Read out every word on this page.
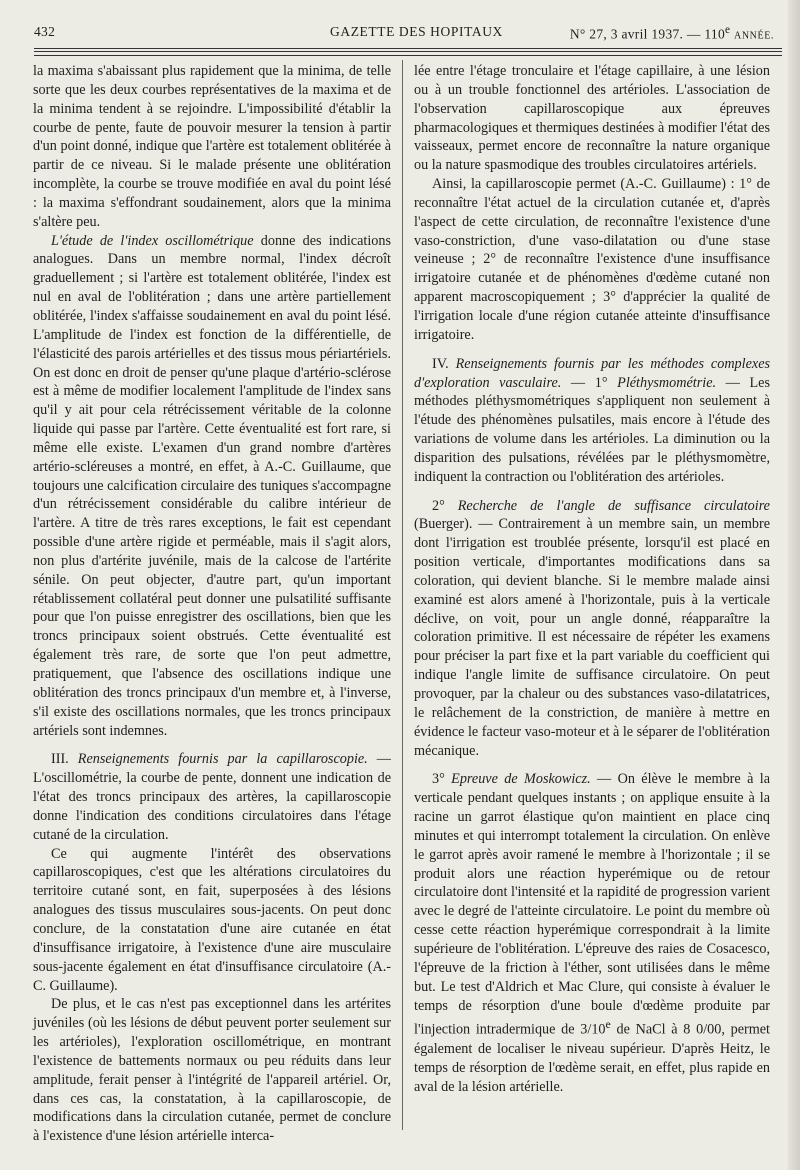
432	GAZETTE DES HOPITAUX	N° 27, 3 avril 1937. — 110e ANNÉE.

la maxima s'abaissant plus rapidement que la minima, de telle sorte que les deux courbes représentatives de la maxima et de la minima tendent à se rejoindre. L'impossibilité d'établir la courbe de pente, faute de pouvoir mesurer la tension à partir d'un point donné, indique que l'artère est totalement oblitérée à partir de ce niveau. Si le malade présente une oblitération incomplète, la courbe se trouve modifiée en aval du point lésé : la maxima s'effondrant soudainement, alors que la minima s'altère peu.

L'étude de l'index oscillométrique donne des indications analogues. Dans un membre normal, l'index décroît graduellement ; si l'artère est totalement oblitérée, l'index est nul en aval de l'oblitération ; dans une artère partiellement oblitérée, l'index s'affaisse soudainement en aval du point lésé. L'amplitude de l'index est fonction de la différentielle, de l'élasticité des parois artérielles et des tissus mous périartériels. On est donc en droit de penser qu'une plaque d'artério-sclérose est à même de modifier localement l'amplitude de l'index sans qu'il y ait pour cela rétrécissement véritable de la colonne liquide qui passe par l'artère. Cette éventualité est fort rare, si même elle existe. L'examen d'un grand nombre d'artères artério-scléreuses a montré, en effet, à A.-C. Guillaume, que toujours une calcification circulaire des tuniques s'accompagne d'un rétrécissement considérable du calibre intérieur de l'artère. A titre de très rares exceptions, le fait est cependant possible d'une artère rigide et perméable, mais il s'agit alors, non plus d'artérite juvénile, mais de la calcose de l'artérite sénile. On peut objecter, d'autre part, qu'un important rétablissement collatéral peut donner une pulsatilité suffisante pour que l'on puisse enregistrer des oscillations, bien que les troncs principaux soient obstrués. Cette éventualité est également très rare, de sorte que l'on peut admettre, pratiquement, que l'absence des oscillations indique une oblitération des troncs principaux d'un membre et, à l'inverse, s'il existe des oscillations normales, que les troncs principaux artériels sont indemnes.

III. Renseignements fournis par la capillaroscopie. — L'oscillométrie, la courbe de pente, donnent une indication de l'état des troncs principaux des artères, la capillaroscopie donne l'indication des conditions circulatoires dans l'étage cutané de la circulation.

Ce qui augmente l'intérêt des observations capillaroscopiques, c'est que les altérations circulatoires du territoire cutané sont, en fait, superposées à des lésions analogues des tissus musculaires sous-jacents. On peut donc conclure, de la constatation d'une aire cutanée en état d'insuffisance irrigatoire, à l'existence d'une aire musculaire sous-jacente également en état d'insuffisance circulatoire (A.-C. Guillaume).

De plus, et le cas n'est pas exceptionnel dans les artérites juvéniles (où les lésions de début peuvent porter seulement sur les artérioles), l'exploration oscillométrique, en montrant l'existence de battements normaux ou peu réduits dans leur amplitude, ferait penser à l'intégrité de l'appareil artériel. Or, dans ces cas, la constatation, à la capillaroscopie, de modifications dans la circulation cutanée, permet de conclure à l'existence d'une lésion artérielle interca-

lée entre l'étage tronculaire et l'étage capillaire, à une lésion ou à un trouble fonctionnel des artérioles. L'association de l'observation capillaroscopique aux épreuves pharmacologiques et thermiques destinées à modifier l'état des vaisseaux, permet encore de reconnaître la nature organique ou la nature spasmodique des troubles circulatoires artériels.

Ainsi, la capillaroscopie permet (A.-C. Guillaume) : 1° de reconnaître l'état actuel de la circulation cutanée et, d'après l'aspect de cette circulation, de reconnaître l'existence d'une vaso-constriction, d'une vaso-dilatation ou d'une stase veineuse ; 2° de reconnaître l'existence d'une insuffisance irrigatoire cutanée et de phénomènes d'œdème cutané non apparent macroscopiquement ; 3° d'apprécier la qualité de l'irrigation locale d'une région cutanée atteinte d'insuffisance irrigatoire.

IV. Renseignements fournis par les méthodes complexes d'exploration vasculaire. — 1° Pléthysmométrie. — Les méthodes pléthysmométriques s'appliquent non seulement à l'étude des phénomènes pulsatiles, mais encore à l'étude des variations de volume dans les artérioles. La diminution ou la disparition des pulsations, révélées par le pléthysmomètre, indiquent la contraction ou l'oblitération des artérioles.

2° Recherche de l'angle de suffisance circulatoire (Buerger). — Contrairement à un membre sain, un membre dont l'irrigation est troublée présente, lorsqu'il est placé en position verticale, d'importantes modifications dans sa coloration, qui devient blanche. Si le membre malade ainsi examiné est alors amené à l'horizontale, puis à la verticale déclive, on voit, pour un angle donné, réapparaître la coloration primitive. Il est nécessaire de répéter les examens pour préciser la part fixe et la part variable du coefficient qui indique l'angle limite de suffisance circulatoire. On peut provoquer, par la chaleur ou des substances vaso-dilatatrices, le relâchement de la constriction, de manière à mettre en évidence le facteur vaso-moteur et à le séparer de l'oblitération mécanique.

3° Epreuve de Moskowicz. — On élève le membre à la verticale pendant quelques instants ; on applique ensuite à la racine un garrot élastique qu'on maintient en place cinq minutes et qui interrompt totalement la circulation. On enlève le garrot après avoir ramené le membre à l'horizontale ; il se produit alors une réaction hyperémique ou de retour circulatoire dont l'intensité et la rapidité de progression varient avec le degré de l'atteinte circulatoire. Le point du membre où cesse cette réaction hyperémique correspondrait à la limite supérieure de l'oblitération. L'épreuve des raies de Cosacesco, l'épreuve de la friction à l'éther, sont utilisées dans le même but. Le test d'Aldrich et Mac Clure, qui consiste à évaluer le temps de résorption d'une boule d'œdème produite par l'injection intradermique de 3/10e de NaCl à 8 0/00, permet également de localiser le niveau supérieur. D'après Heitz, le temps de résorption de l'œdème serait, en effet, plus rapide en aval de la lésion artérielle.
